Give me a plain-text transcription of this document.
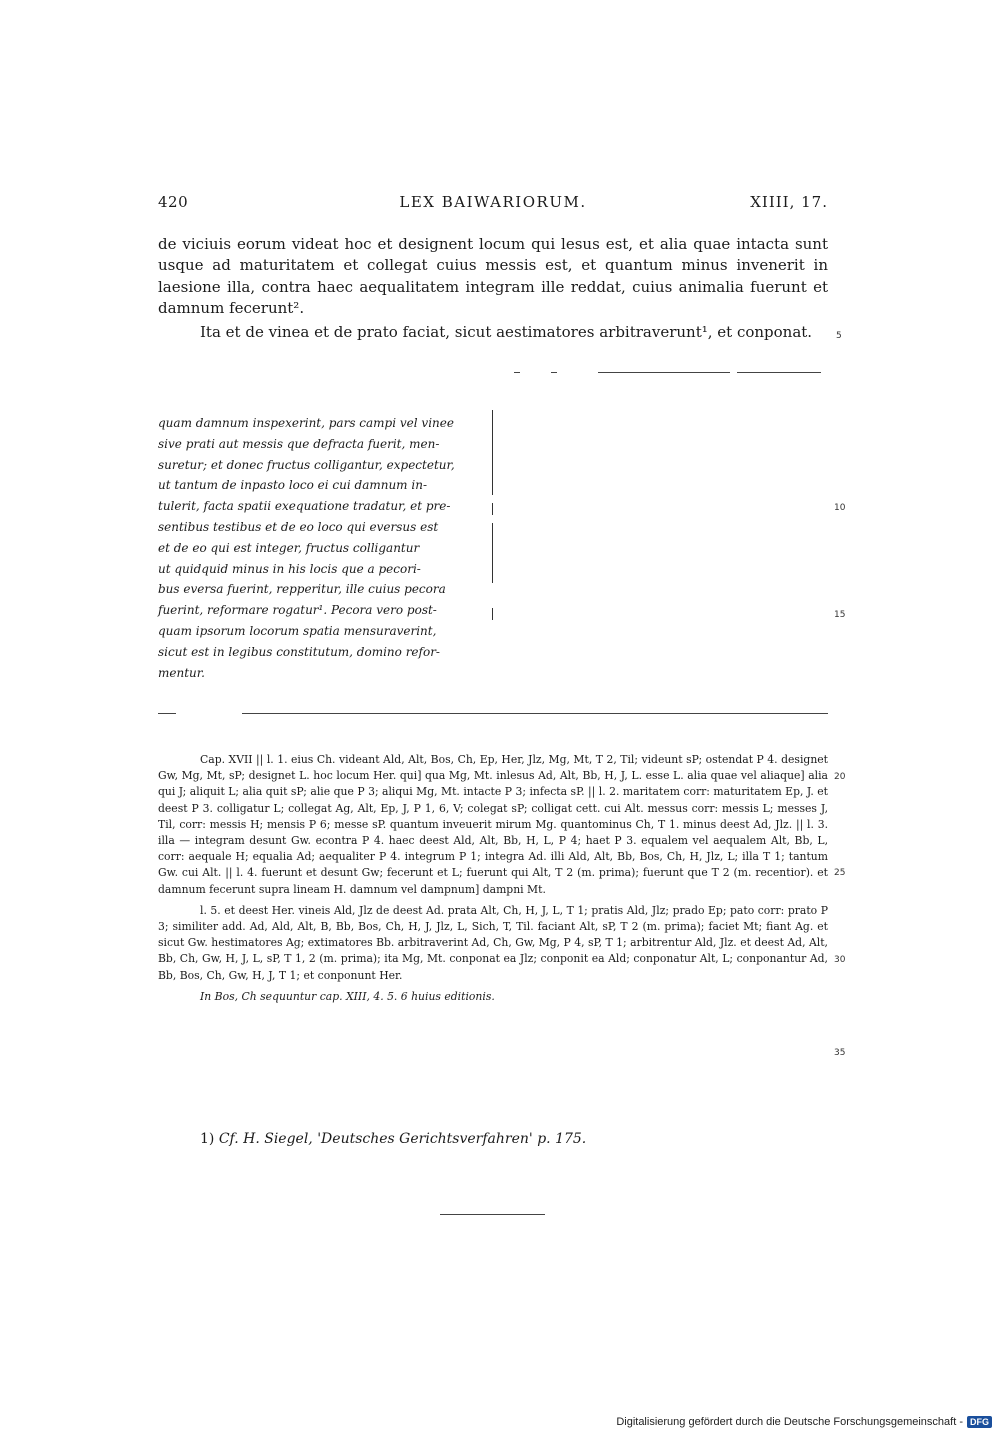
420	LEX BAIWARIORUM.	XIIII, 17.

de viciuis eorum videat hoc et designent locum qui lesus est, et alia quae intacta sunt usque ad maturitatem et collegat cuius messis est, et quantum minus invenerit in laesione illa, contra haec aequalitatem integram ille reddat, cuius animalia fuerunt et damnum fecerunt².

Ita et de vinea et de prato faciat, sicut aestimatores arbitraverunt¹, et conponat.	5
quam damnum inspexerint, pars campi vel vinee
sive prati aut messis que defracta fuerit, men-
suretur; et donec fructus colligantur, expectetur,
ut tantum de inpasto loco ei cui damnum in-
tulerit, facta spatii exequatione tradatur, et pre-
sentibus testibus et de eo loco qui eversus est
et de eo qui est integer, fructus colligantur
ut quidquid minus in his locis que a pecori-
bus eversa fuerint, repperitur, ille cuius pecora
fuerint, reformare rogatur¹. Pecora vero post-
quam ipsorum locorum spatia mensuraverint,
sicut est in legibus constitutum, domino refor-
mentur.
10
15

Cap. XVII || l. 1. eius Ch. videant Ald, Alt, Bos, Ch, Ep, Her, Jlz, Mg, Mt, T 2, Til; videunt sP; ostendat P 4. designet Gw, Mg, Mt, sP; designet L. hoc locum Her. qui] qua Mg, Mt. inlesus Ad, Alt, Bb, H, J, L. esse L. alia quae vel aliaque] alia qui J; aliquit L; alia quit sP; alie que P 3; aliqui Mg, Mt. intacte P 3; infecta sP. || l. 2. maritatem corr: maturitatem Ep, J. et deest P 3. colligatur L; collegat Ag, Alt, Ep, J, P 1, 6, V; colegat sP; colligat cett. cui Alt. messus corr: messis L; messes J, Til, corr: messis H; mensis P 6; messe sP. quantum inveuerit mirum Mg. quantominus Ch, T 1. minus deest Ad, Jlz. || l. 3. illa — integram desunt Gw. econtra P 4. haec deest Ald, Alt, Bb, H, L, P 4; haet P 3. equalem vel aequalem Alt, Bb, L, corr: aequale H; equalia Ad; aequaliter P 4. integrum P 1; integra Ad. illi Ald, Alt, Bb, Bos, Ch, H, Jlz, L; illa T 1; tantum Gw. cui Alt. || l. 4. fuerunt et desunt Gw; fecerunt et L; fuerunt qui Alt, T 2 (m. prima); fuerunt que T 2 (m. recentior). et damnum fecerunt supra lineam H. damnum vel dampnum] dampni Mt.

l. 5. et deest Her. vineis Ald, Jlz de deest Ad. prata Alt, Ch, H, J, L, T 1; pratis Ald, Jlz; prado Ep; pato corr: prato P 3; similiter add. Ad, Ald, Alt, B, Bb, Bos, Ch, H, J, Jlz, L, Sich, T, Til. faciant Alt, sP, T 2 (m. prima); faciet Mt; fiant Ag. et sicut Gw. hestimatores Ag; extimatores Bb. arbitraverint Ad, Ch, Gw, Mg, P 4, sP, T 1; arbitrentur Ald, Jlz. et deest Ad, Alt, Bb, Ch, Gw, H, J, L, sP, T 1, 2 (m. prima); ita Mg, Mt. conponat ea Jlz; conponit ea Ald; conponatur Alt, L; conponantur Ad, Bb, Bos, Ch, Gw, H, J, T 1; et conponunt Her.

In Bos, Ch sequuntur cap. XIII, 4. 5. 6 huius editionis.

20
25
30
35
1) Cf. H. Siegel, 'Deutsches Gerichtsverfahren' p. 175.
Digitalisierung gefördert durch die Deutsche Forschungsgemeinschaft - DFG
